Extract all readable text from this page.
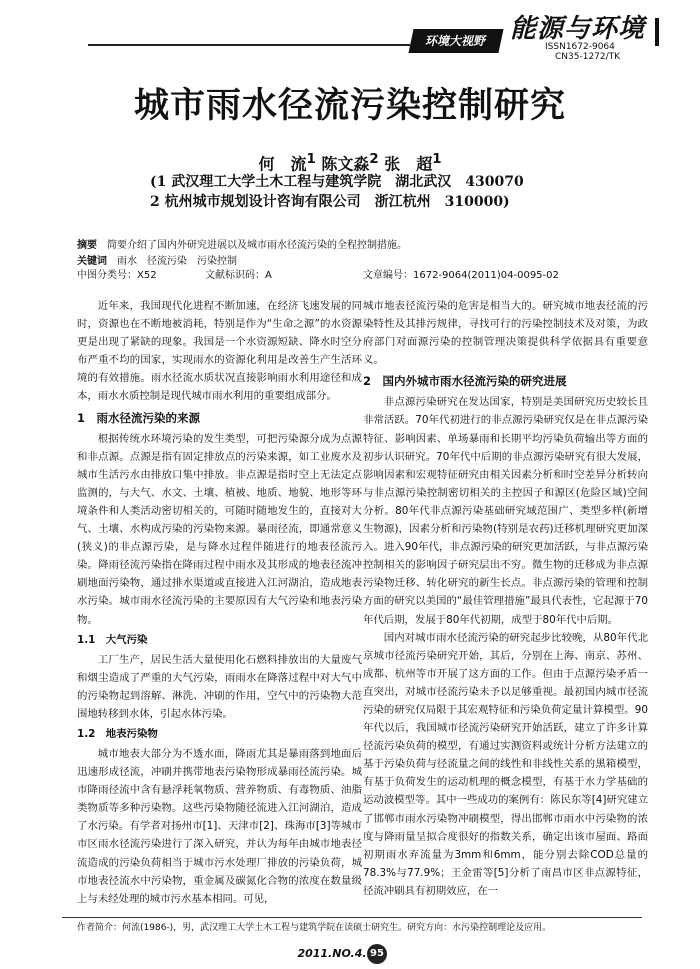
环境大视野 能源与环境
ISSN1672-9064
CN35-1272/TK
城市雨水径流污染控制研究
何　流$^1$ 陈文淼$^2$ 张　超$^1$
(1 武汉理工大学土木工程与建筑学院　湖北武汉　430070
2 杭州城市规划设计咨询有限公司　浙江杭州　310000)
摘要　 简要介绍了国内外研究进展以及城市雨水径流污染的全程控制措施。
关键词　 雨水　径流污染　污染控制
中图分类号：X52	文献标识码：A	文章编号：1672-9064(2011)04-0095-02

近年来，我国现代化进程不断加速，在经济飞速发展的同时，资源也在不断地被消耗，特别是作为“生命之源”的水资源更是出现了紧缺的现象。我国是一个水资源短缺、降水时空分布严重不均的国家，实现雨水的资源化利用是改善生产生活环境的有效措施。雨水径流水质状况直接影响雨水利用途径和成本，雨水水质控制是现代城市雨水利用的重要组成部分。

1　雨水径流污染的来源

根据传统水环境污染的发生类型，可把污染源分成为点源和非点源。点源是指有固定排放点的污染来源，如工业废水及城市生活污水由排放口集中排放。非点源是指时空上无法定点监测的，与大气、水文、土壤、植被、地质、地貌、地形等环境条件和人类活动密切相关的，可随时随地发生的，直接对大气、土壤、水构成污染的污染物来源。暴雨径流，即通常意义(狭义)的非点源污染，是与降水过程伴随进行的地表径流污染。降雨径流污染指在降雨过程中雨水及其形成的地表径流冲刷地面污染物，通过排水渠道或直接进入江河湖泊，造成地表水污染。城市雨水径流污染的主要原因有大气污染和地表污染物。

1.1　大气污染

工厂生产，居民生活大量使用化石燃料排放出的大量废气和烟尘造成了严重的大气污染，雨雨水在降落过程中对大气中的污染物起到溶解、淋洗、冲刷的作用，空气中的污染物大范围地转移到水体，引起水体污染。

1.2　地表污染物

城市地表大部分为不透水面，降雨尤其是暴雨落到地面后迅速形成径流，冲刷并携带地表污染物形成暴雨径流污染。城市降雨径流中含有悬浮耗氧物质、营养物质、有毒物质、油脂类物质等多种污染物。这些污染物随径流进入江河湖泊，造成了水污染。有学者对扬州市[1]、天津市[2]、珠海市[3]等城市市区雨水径流污染进行了深入研究，并认为每年由城市地表径流造成的污染负荷相当于城市污水处理厂排放的污染负荷，城市地表径流水中污染物，重金属及碳氮化合物的浓度在数量级上与未经处理的城市污水基本相同。可见，

城市地表径流污染的危害是相当大的。研究城市地表径流的污染特性及其排污规律，寻找可行的污染控制技术及对策，为政府部门对面源污染的控制管理决策提供科学依据具有重要意义。

2　国内外城市雨水径流污染的研究进展

非点源污染研究在发达国家，特别是美国研究历史较长且非常活跃。70年代初进行的非点源污染研究仅是在非点源污染特征、影响因素、单场暴雨和长期平均污染负荷输出等方面的初步认识研究。70年代中后期的非点源污染研究有很大发展，影响因素和宏观特征研究由相关因素分析和时空差异分析转向与非点源污染控制密切相关的主控因子和源区(危险区域)空间分析。80年代非点源污染基础研究域范围广、类型多样(新增生物源)，因素分析和污染物(特别是农药)迁移机理研究更加深入。进入90年代，非点源污染的研究更加活跃，与非点源污染控制相关的影响因子研究层出不穷。微生物的迁移成为非点源污染物迁移、转化研究的新生长点。非点源污染的管理和控制方面的研究以美国的“最佳管理措施”最具代表性，它起源于70年代后期，发展于80年代初期，成型于80年代中后期。

国内对城市雨水径流污染的研究起步比较晚，从80年代北京城市径流污染研究开始，其后，分别在上海、南京、苏州、成都、杭州等市开展了这方面的工作。但由于点源污染矛盾一直突出，对城市径流污染未予以足够重视。最初国内城市径流污染的研究仅局限于其宏观特征和污染负荷定量计算模型。90年代以后，我国城市径流污染研究开始活跃，建立了许多计算径流污染负荷的模型，有通过实测资料或统计分析方法建立的基于污染负荷与径流量之间的线性和非线性关系的黑箱模型，有基于负荷发生的运动机理的概念模型，有基于水力学基础的运动波模型等。其中一些成功的案例有：陈民东等[4]研究建立了邯郸市雨水污染物冲刷模型，得出邯郸市雨水中污染物的浓度与降雨量呈拟合度很好的指数关系，确定出该市屋面、路面初期雨水弃流量为3mm和6mm，能分别去除COD总量的78.3%与77.9%；王金雷等[5]分析了南昌市区非点源特征，径流冲刷具有初期效应，在一

作者简介：何流(1986-)，男，武汉理工大学土木工程与建筑学院在读硕士研究生。研究方向：水污染控制理论及应用。
2011.NO.4. 95
